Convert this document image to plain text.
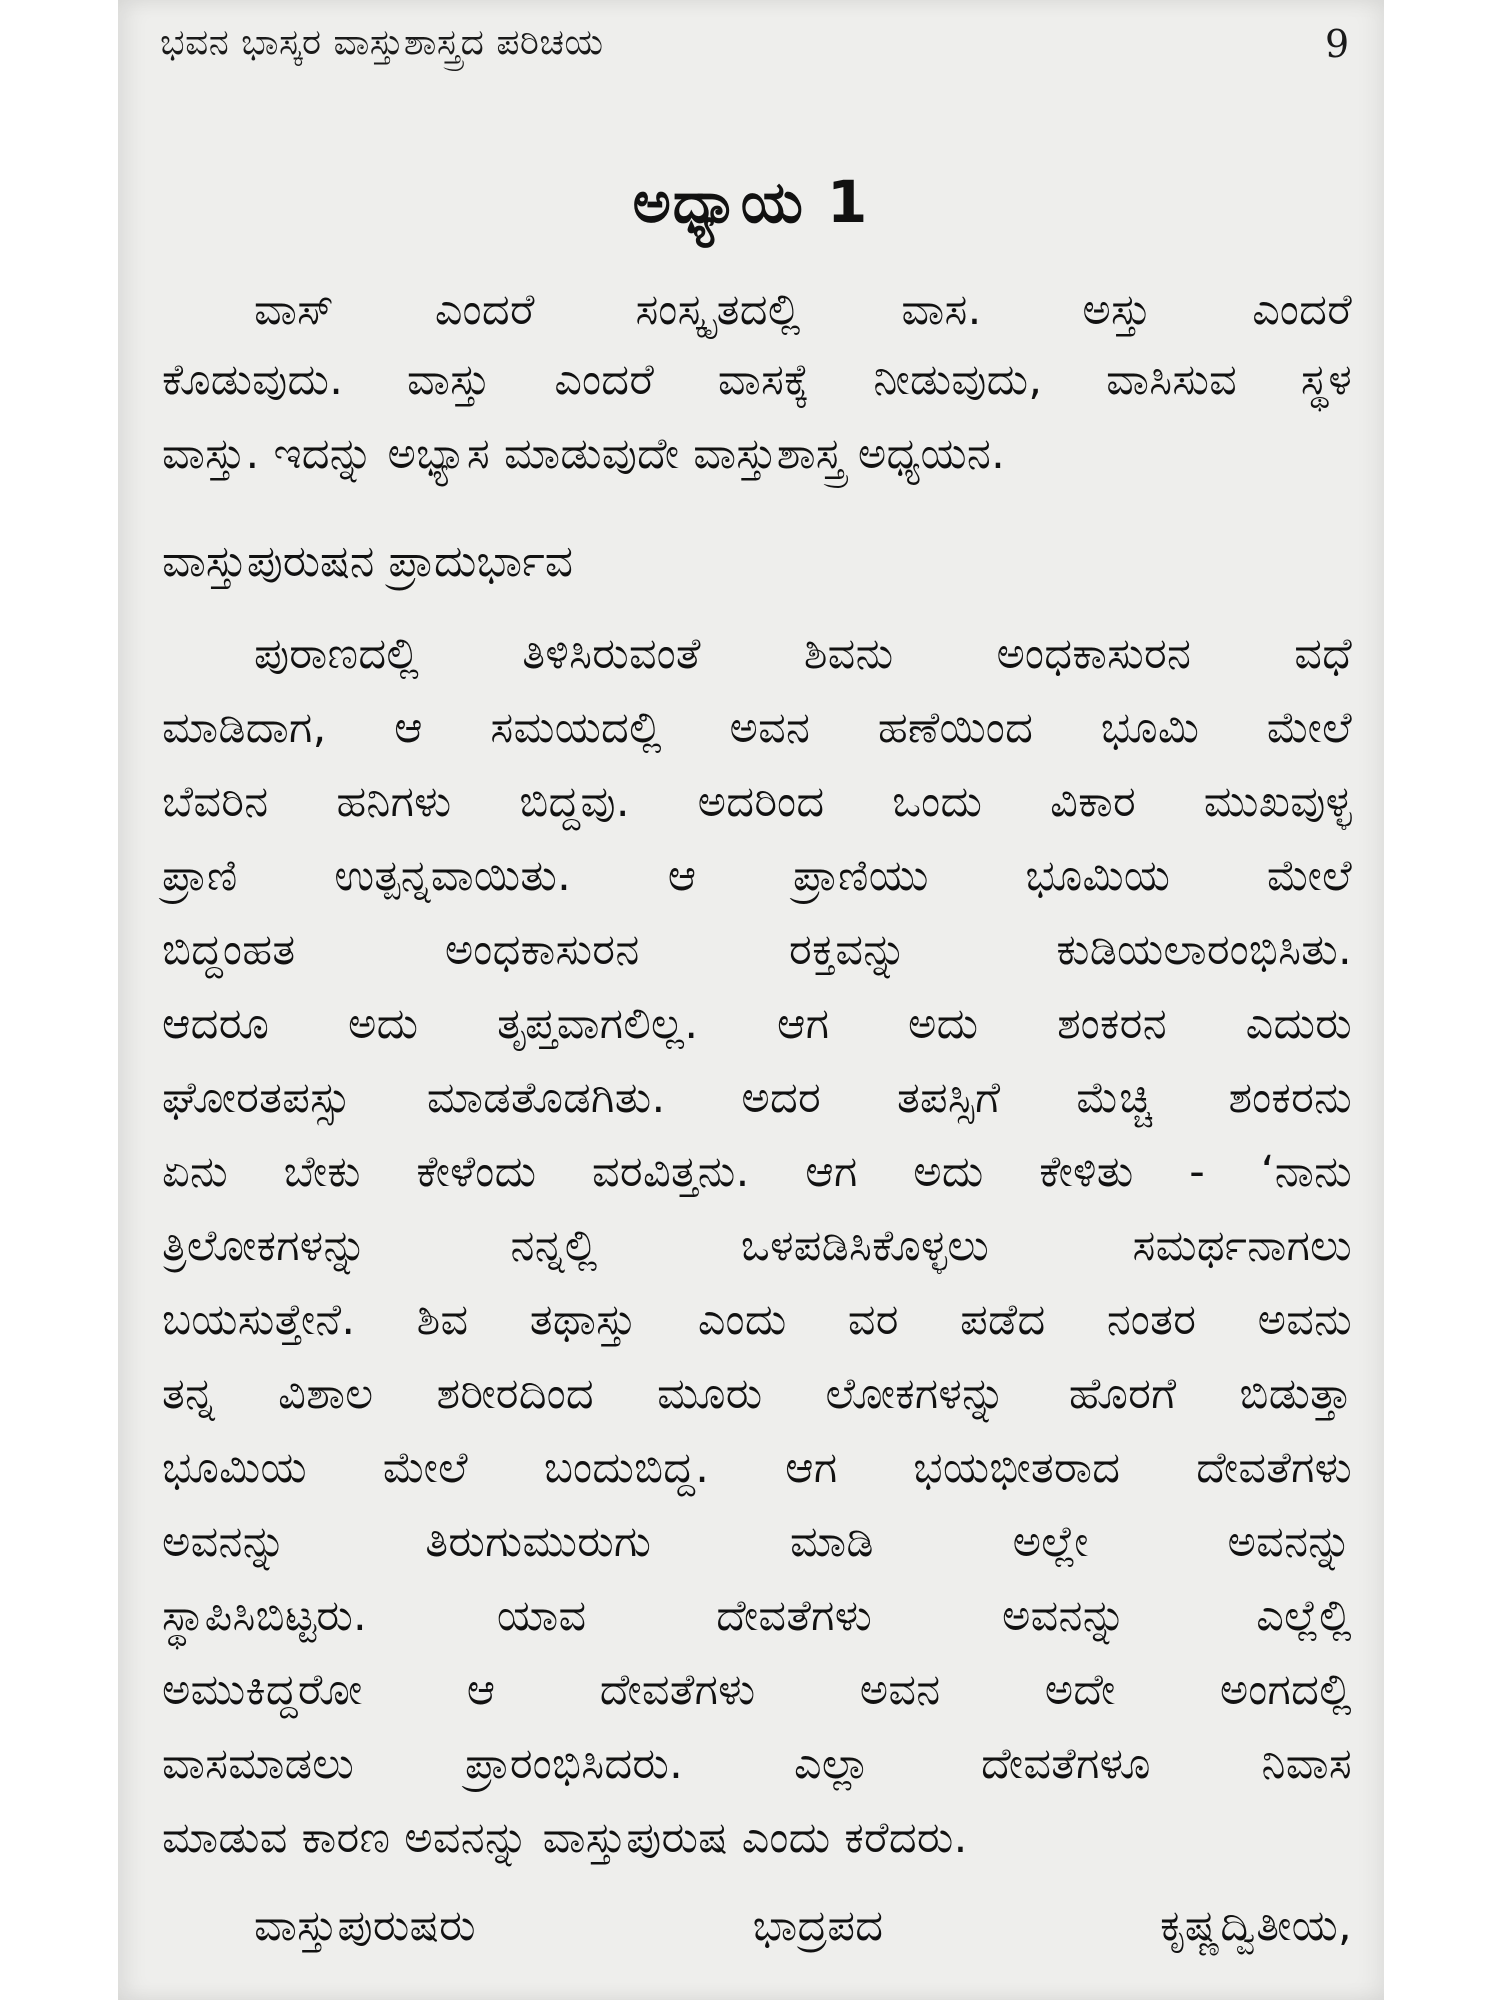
ಭವನ ಭಾಸ್ಕರ ವಾಸ್ತುಶಾಸ್ತ್ರದ ಪರಿಚಯ	9
ಅಧ್ಯಾಯ 1
ವಾಸ್ ಎಂದರೆ ಸಂಸ್ಕೃತದಲ್ಲಿ ವಾಸ. ಅಸ್ತು ಎಂದರೆ
ಕೊಡುವುದು. ವಾಸ್ತು ಎಂದರೆ ವಾಸಕ್ಕೆ ನೀಡುವುದು, ವಾಸಿಸುವ ಸ್ಥಳ
ವಾಸ್ತು. ಇದನ್ನು ಅಭ್ಯಾಸ ಮಾಡುವುದೇ ವಾಸ್ತುಶಾಸ್ತ್ರ ಅಧ್ಯಯನ.
ವಾಸ್ತುಪುರುಷನ ಪ್ರಾದುರ್ಭಾವ
ಪುರಾಣದಲ್ಲಿ ತಿಳಿಸಿರುವಂತೆ ಶಿವನು ಅಂಧಕಾಸುರನ ವಧೆ
ಮಾಡಿದಾಗ, ಆ ಸಮಯದಲ್ಲಿ ಅವನ ಹಣೆಯಿಂದ ಭೂಮಿ ಮೇಲೆ
ಬೆವರಿನ ಹನಿಗಳು ಬಿದ್ದವು. ಅದರಿಂದ ಒಂದು ವಿಕಾರ ಮುಖವುಳ್ಳ
ಪ್ರಾಣಿ ಉತ್ಪನ್ನವಾಯಿತು. ಆ ಪ್ರಾಣಿಯು ಭೂಮಿಯ ಮೇಲೆ
ಬಿದ್ದಂಹತ ಅಂಧಕಾಸುರನ ರಕ್ತವನ್ನು ಕುಡಿಯಲಾರಂಭಿಸಿತು.
ಆದರೂ ಅದು ತೃಪ್ತವಾಗಲಿಲ್ಲ. ಆಗ ಅದು ಶಂಕರನ ಎದುರು
ಘೋರತಪಸ್ಸು ಮಾಡತೊಡಗಿತು. ಅದರ ತಪಸ್ಸಿಗೆ ಮೆಚ್ಚಿ ಶಂಕರನು
ಏನು ಬೇಕು ಕೇಳೆಂದು ವರವಿತ್ತನು. ಆಗ ಅದು ಕೇಳಿತು - ‘ನಾನು
ತ್ರಿಲೋಕಗಳನ್ನು ನನ್ನಲ್ಲಿ ಒಳಪಡಿಸಿಕೊಳ್ಳಲು ಸಮರ್ಥನಾಗಲು
ಬಯಸುತ್ತೇನೆ. ಶಿವ ತಥಾಸ್ತು ಎಂದು ವರ ಪಡೆದ ನಂತರ ಅವನು
ತನ್ನ ವಿಶಾಲ ಶರೀರದಿಂದ ಮೂರು ಲೋಕಗಳನ್ನು ಹೊರಗೆ ಬಿಡುತ್ತಾ
ಭೂಮಿಯ ಮೇಲೆ ಬಂದುಬಿದ್ದ. ಆಗ ಭಯಭೀತರಾದ ದೇವತೆಗಳು
ಅವನನ್ನು ತಿರುಗುಮುರುಗು ಮಾಡಿ ಅಲ್ಲೇ ಅವನನ್ನು
ಸ್ಥಾಪಿಸಿಬಿಟ್ಟರು. ಯಾವ ದೇವತೆಗಳು ಅವನನ್ನು ಎಲ್ಲೆಲ್ಲಿ
ಅಮುಕಿದ್ದರೋ ಆ ದೇವತೆಗಳು ಅವನ ಅದೇ ಅಂಗದಲ್ಲಿ
ವಾಸಮಾಡಲು ಪ್ರಾರಂಭಿಸಿದರು. ಎಲ್ಲಾ ದೇವತೆಗಳೂ ನಿವಾಸ
ಮಾಡುವ ಕಾರಣ ಅವನನ್ನು ವಾಸ್ತುಪುರುಷ ಎಂದು ಕರೆದರು.
ವಾಸ್ತುಪುರುಷರು ಭಾದ್ರಪದ ಕೃಷ್ಣದ್ವಿತೀಯ,
